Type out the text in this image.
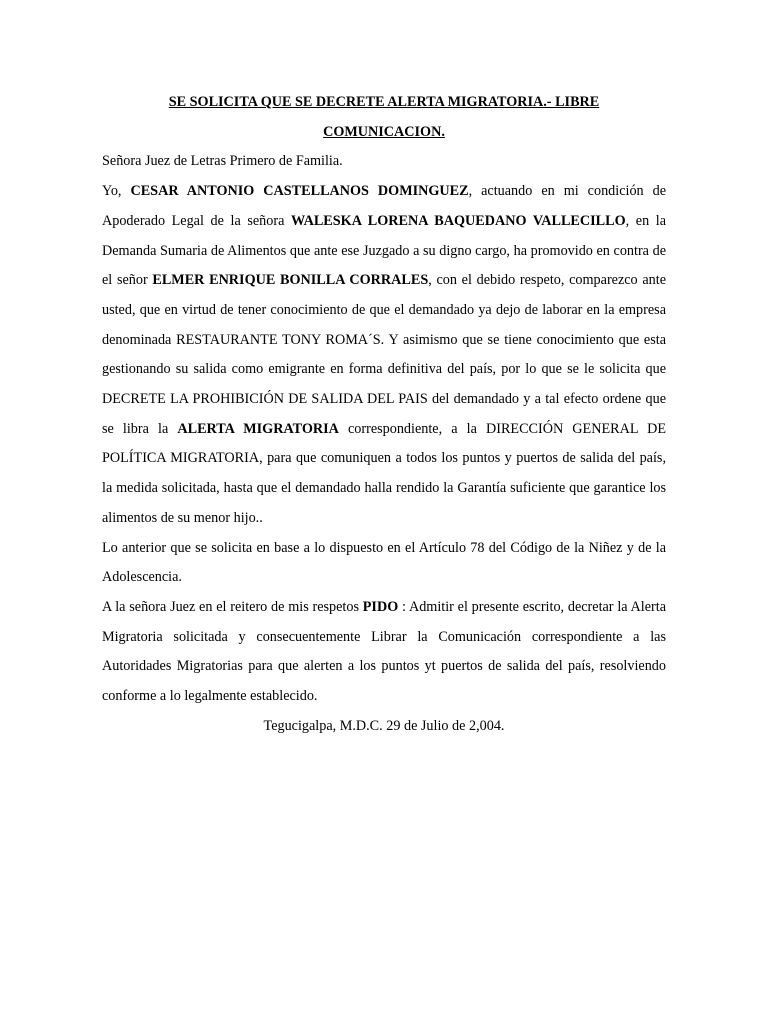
SE SOLICITA QUE SE DECRETE ALERTA MIGRATORIA.- LIBRE
COMUNICACION.

Señora Juez de Letras Primero de Familia.

Yo, CESAR ANTONIO CASTELLANOS DOMINGUEZ, actuando en mi condición de Apoderado Legal de la señora WALESKA LORENA BAQUEDANO VALLECILLO, en la Demanda Sumaria de Alimentos que ante ese Juzgado a su digno cargo, ha promovido en contra de el señor ELMER ENRIQUE BONILLA CORRALES, con el debido respeto, comparezco ante usted, que en virtud de tener conocimiento de que el demandado ya dejo de laborar en la empresa denominada RESTAURANTE TONY ROMA´S. Y asimismo que se tiene conocimiento que esta gestionando su salida como emigrante en forma definitiva del país, por lo que se le solicita que DECRETE LA PROHIBICIÓN DE SALIDA DEL PAIS del demandado y a tal efecto ordene que se libra la ALERTA MIGRATORIA correspondiente, a la DIRECCIÓN GENERAL DE POLÍTICA MIGRATORIA, para que comuniquen a todos los puntos y puertos de salida del país, la medida solicitada, hasta que el demandado halla rendido la Garantía suficiente que garantice los alimentos de su menor hijo..

Lo anterior que se solicita en base a lo dispuesto en el Artículo 78 del Código de la Niñez y de la Adolescencia.

A la señora Juez en el reitero de mis respetos PIDO : Admitir el presente escrito, decretar la Alerta Migratoria solicitada y consecuentemente Librar la Comunicación correspondiente a las Autoridades Migratorias para que alerten a los puntos yt puertos de salida del país, resolviendo conforme a lo legalmente establecido.

Tegucigalpa, M.D.C. 29 de Julio de 2,004.
